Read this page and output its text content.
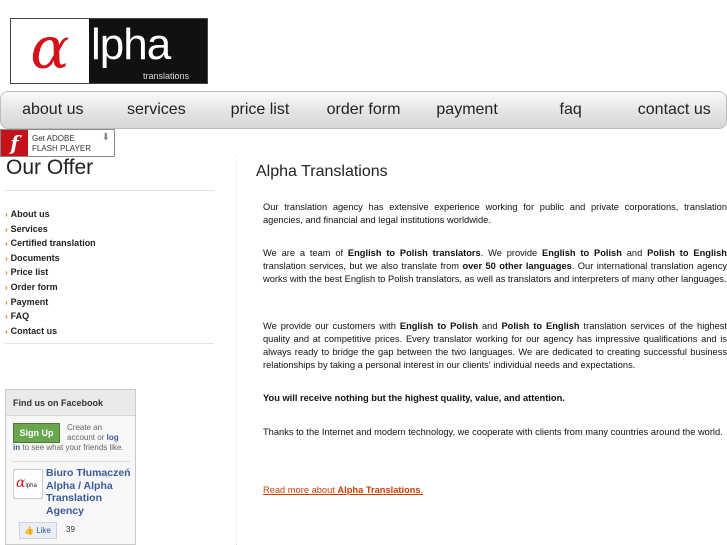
α lpha
translations
about us	services	price list	order form	payment	faq	contact us
f	Get ADOBE
FLASH PLAYER
⬇
Our Offer
› About us
› Services
› Certified translation
› Documents
› Price list
› Order form
› Payment
› FAQ
› Contact us
Find us on Facebook
Create an
account or log
in to see what your friends like.
Sign Up
αlpha
Biuro Tłumaczeń Alpha / Alpha Translation Agency
👍 Like	39
Alpha Translations

Our translation agency has extensive experience working for public and private corporations, translation agencies, and financial and legal institutions worldwide.

We are a team of English to Polish translators. We provide English to Polish and Polish to English translation services, but we also translate from over 50 other languages. Our international translation agency works with the best English to Polish translators, as well as translators and interpreters of many other languages.

We provide our customers with English to Polish and Polish to English translation services of the highest quality and at competitive prices. Every translator working for our agency has impressive qualifications and is always ready to bridge the gap between the two languages. We are dedicated to creating successful business relationships by taking a personal interest in our clients' individual needs and expectations.

You will receive nothing but the highest quality, value, and attention.

Thanks to the Internet and modern technology, we cooperate with clients from many countries around the world.

Read more about Alpha Translations.
